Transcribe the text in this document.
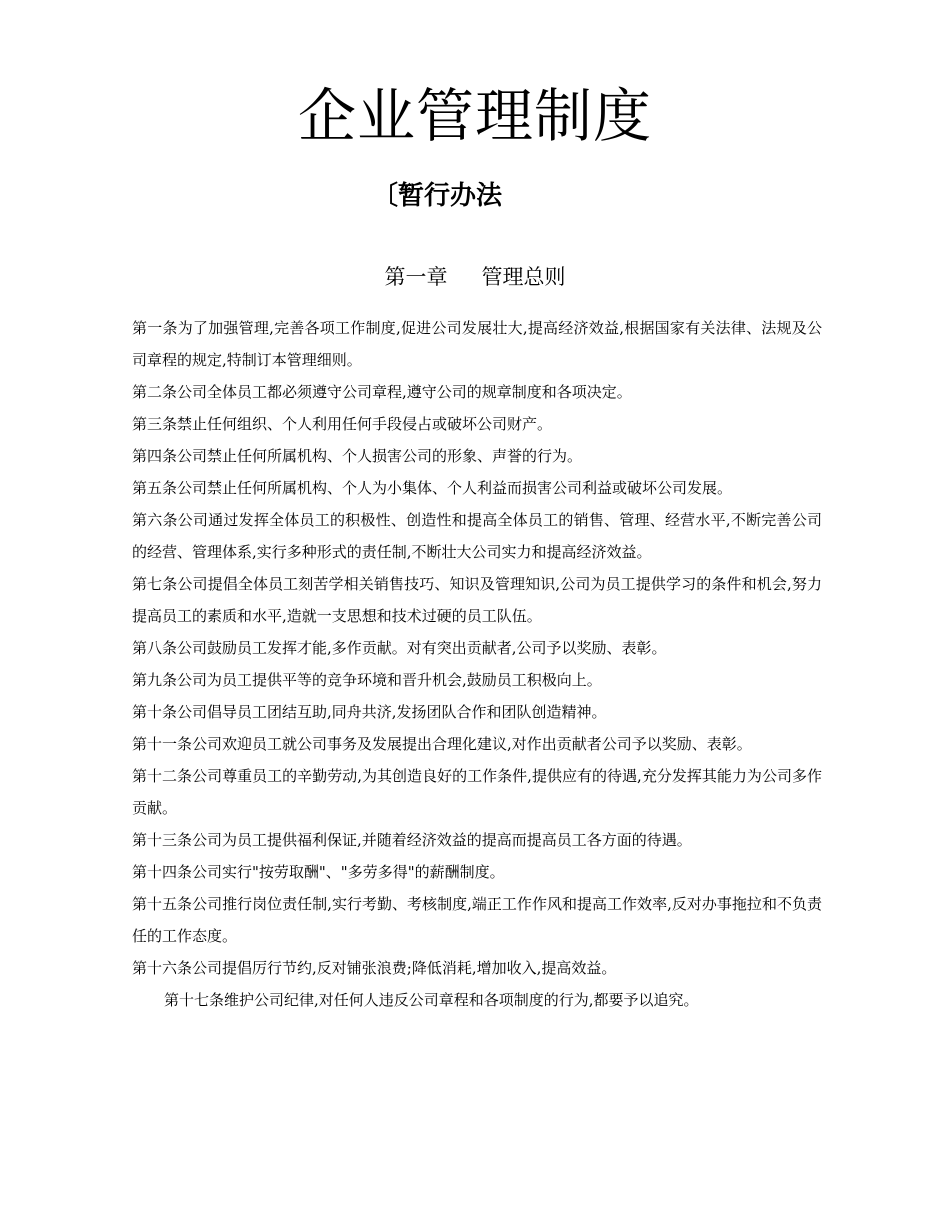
企业管理制度
〔暂行办法
第一章 管理总则

第一条为了加强管理,完善各项工作制度,促进公司发展壮大,提高经济效益,根据国家有关法律、法规及公司章程的规定,特制订本管理细则。

第二条公司全体员工都必须遵守公司章程,遵守公司的规章制度和各项决定。

第三条禁止任何组织、个人利用任何手段侵占或破坏公司财产。

第四条公司禁止任何所属机构、个人损害公司的形象、声誉的行为。

第五条公司禁止任何所属机构、个人为小集体、个人利益而损害公司利益或破坏公司发展。

第六条公司通过发挥全体员工的积极性、创造性和提高全体员工的销售、管理、经营水平,不断完善公司的经营、管理体系,实行多种形式的责任制,不断壮大公司实力和提高经济效益。

第七条公司提倡全体员工刻苦学相关销售技巧、知识及管理知识,公司为员工提供学习的条件和机会,努力提高员工的素质和水平,造就一支思想和技术过硬的员工队伍。

第八条公司鼓励员工发挥才能,多作贡献。对有突出贡献者,公司予以奖励、表彰。

第九条公司为员工提供平等的竞争环境和晋升机会,鼓励员工积极向上。

第十条公司倡导员工团结互助,同舟共济,发扬团队合作和团队创造精神。

第十一条公司欢迎员工就公司事务及发展提出合理化建议,对作出贡献者公司予以奖励、表彰。

第十二条公司尊重员工的辛勤劳动,为其创造良好的工作条件,提供应有的待遇,充分发挥其能力为公司多作贡献。

第十三条公司为员工提供福利保证,并随着经济效益的提高而提高员工各方面的待遇。

第十四条公司实行"按劳取酬"、"多劳多得"的薪酬制度。

第十五条公司推行岗位责任制,实行考勤、考核制度,端正工作作风和提高工作效率,反对办事拖拉和不负责任的工作态度。

第十六条公司提倡厉行节约,反对铺张浪费;降低消耗,增加收入,提高效益。

第十七条维护公司纪律,对任何人违反公司章程和各项制度的行为,都要予以追究。
